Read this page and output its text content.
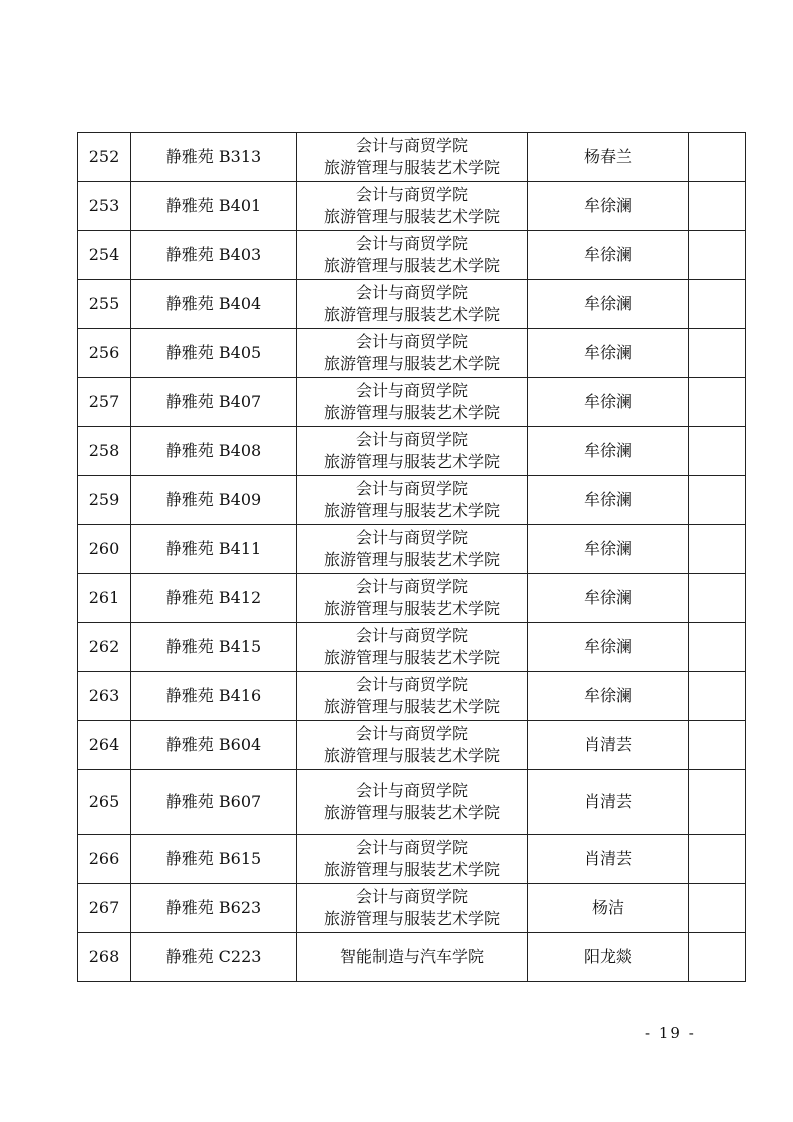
252	静雅苑 B313	会计与商贸学院
旅游管理与服装艺术学院	杨春兰	
253	静雅苑 B401	会计与商贸学院
旅游管理与服装艺术学院	牟徐澜	
254	静雅苑 B403	会计与商贸学院
旅游管理与服装艺术学院	牟徐澜	
255	静雅苑 B404	会计与商贸学院
旅游管理与服装艺术学院	牟徐澜	
256	静雅苑 B405	会计与商贸学院
旅游管理与服装艺术学院	牟徐澜	
257	静雅苑 B407	会计与商贸学院
旅游管理与服装艺术学院	牟徐澜	
258	静雅苑 B408	会计与商贸学院
旅游管理与服装艺术学院	牟徐澜	
259	静雅苑 B409	会计与商贸学院
旅游管理与服装艺术学院	牟徐澜	
260	静雅苑 B411	会计与商贸学院
旅游管理与服装艺术学院	牟徐澜	
261	静雅苑 B412	会计与商贸学院
旅游管理与服装艺术学院	牟徐澜	
262	静雅苑 B415	会计与商贸学院
旅游管理与服装艺术学院	牟徐澜	
263	静雅苑 B416	会计与商贸学院
旅游管理与服装艺术学院	牟徐澜	
264	静雅苑 B604	会计与商贸学院
旅游管理与服装艺术学院	肖清芸	
265	静雅苑 B607	会计与商贸学院
旅游管理与服装艺术学院	肖清芸	
266	静雅苑 B615	会计与商贸学院
旅游管理与服装艺术学院	肖清芸	
267	静雅苑 B623	会计与商贸学院
旅游管理与服装艺术学院	杨洁	
268	静雅苑 C223	智能制造与汽车学院	阳龙燚	
- 19 -
